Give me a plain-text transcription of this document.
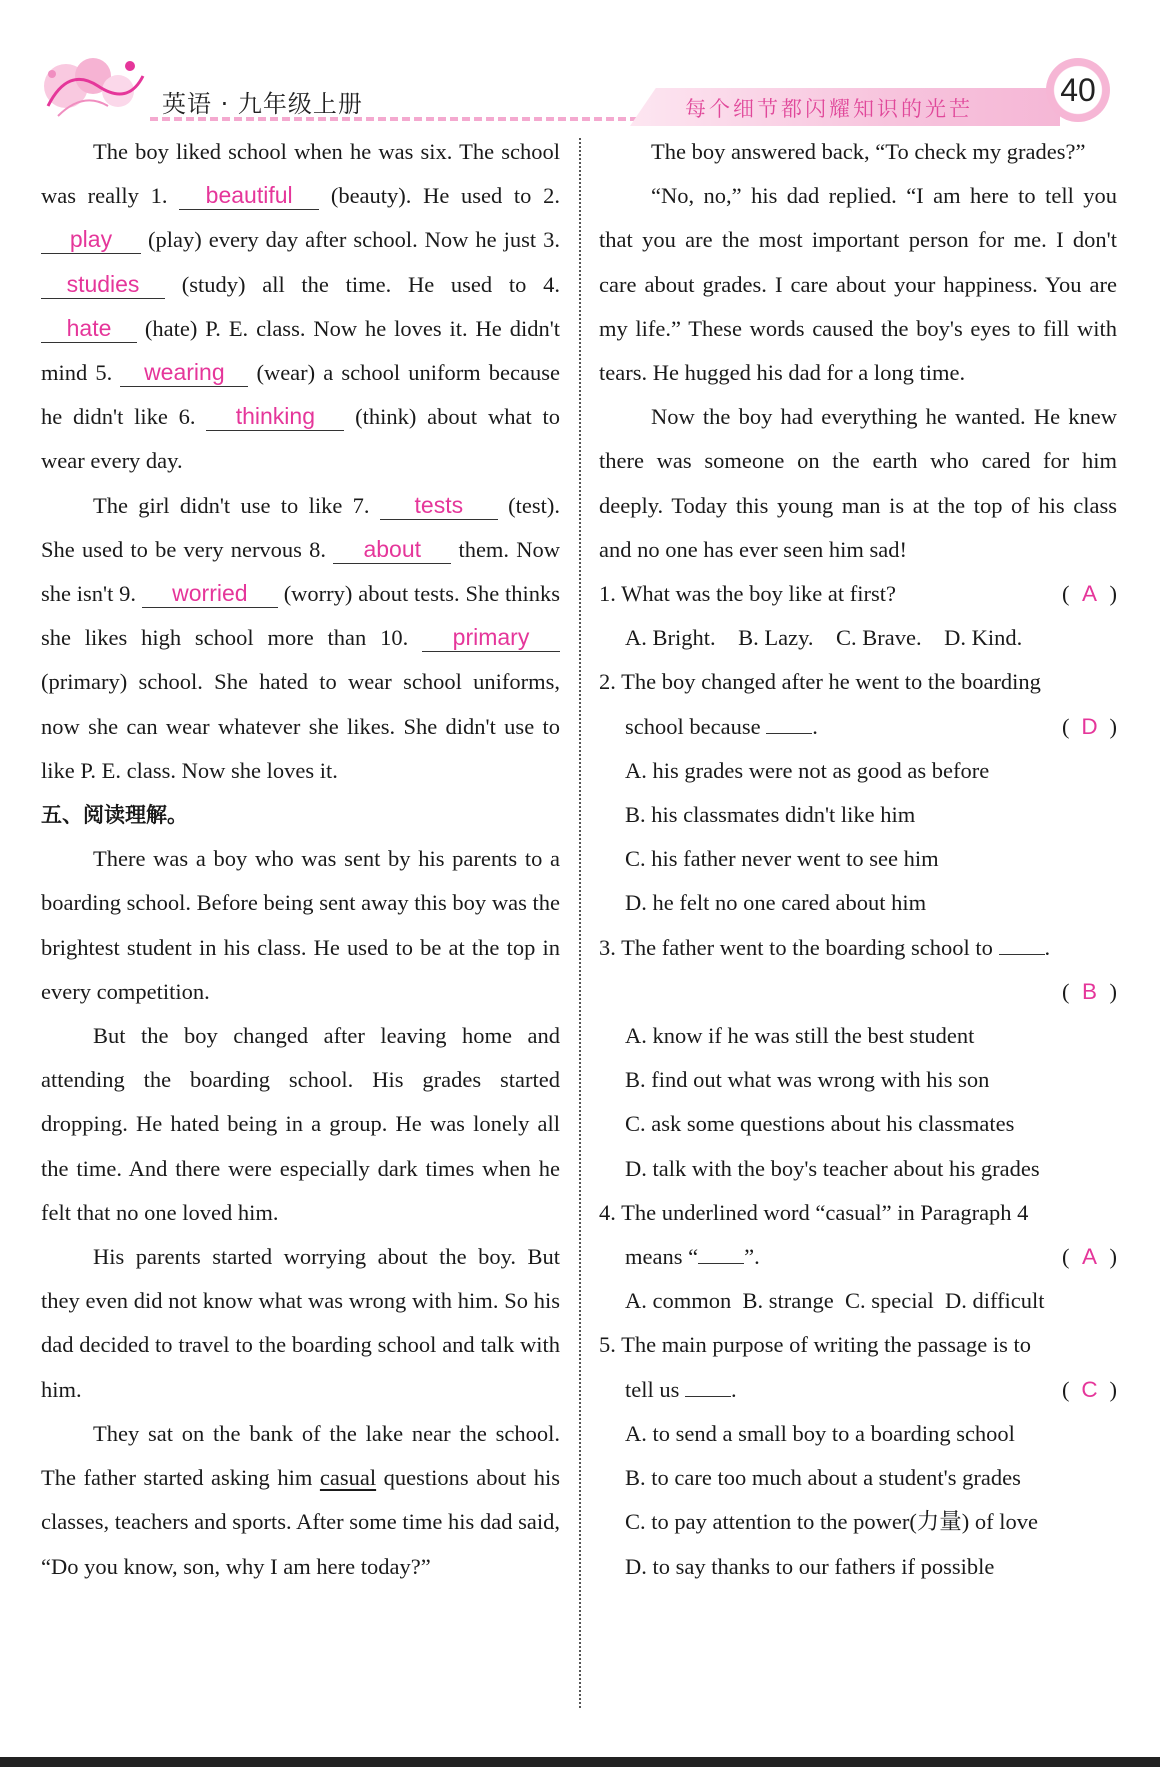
英语 · 九年级上册	每个细节都闪耀知识的光芒
40

The boy liked school when he was six. The school was really 1. beautiful (beauty). He used to 2. play (play) every day after school. Now he just 3. studies (study) all the time. He used to 4. hate (hate) P. E. class. Now he loves it. He didn't mind 5. wearing (wear) a school uniform because he didn't like 6. thinking (think) about what to wear every day.

The girl didn't use to like 7. tests (test). She used to be very nervous 8. about them. Now she isn't 9. worried (worry) about tests. She thinks she likes high school more than 10. primary (primary) school. She hated to wear school uniforms, now she can wear whatever she likes. She didn't use to like P. E. class. Now she loves it.

五、阅读理解。

There was a boy who was sent by his parents to a boarding school. Before being sent away this boy was the brightest student in his class. He used to be at the top in every competition.

But the boy changed after leaving home and attending the boarding school. His grades started dropping. He hated being in a group. He was lonely all the time. And there were especially dark times when he felt that no one loved him.

His parents started worrying about the boy. But they even did not know what was wrong with him. So his dad decided to travel to the boarding school and talk with him.

They sat on the bank of the lake near the school. The father started asking him casual questions about his classes, teachers and sports. After some time his dad said, “Do you know, son, why I am here today?”

The boy answered back, “To check my grades?”

“No, no,” his dad replied. “I am here to tell you that you are the most important person for me. I don't care about grades. I care about your happiness. You are my life.” These words caused the boy's eyes to fill with tears. He hugged his dad for a long time.

Now the boy had everything he wanted. He knew there was someone on the earth who cared for him deeply. Today this young man is at the top of his class and no one has ever seen him sad!

1. What was the boy like at first?	( A )
A. Bright.    B. Lazy.    C. Brave.    D. Kind.
2. The boy changed after he went to the boarding
school because .	( D )
A. his grades were not as good as before
B. his classmates didn't like him
C. his father never went to see him
D. he felt no one cared about him
3. The father went to the boarding school to .
( B )
A. know if he was still the best student
B. find out what was wrong with his son
C. ask some questions about his classmates
D. talk with the boy's teacher about his grades
4. The underlined word “casual” in Paragraph 4
means “ ”.	( A )
A. common  B. strange  C. special  D. difficult
5. The main purpose of writing the passage is to
tell us .	( C )
A. to send a small boy to a boarding school
B. to care too much about a student's grades
C. to pay attention to the power(力量) of love
D. to say thanks to our fathers if possible
